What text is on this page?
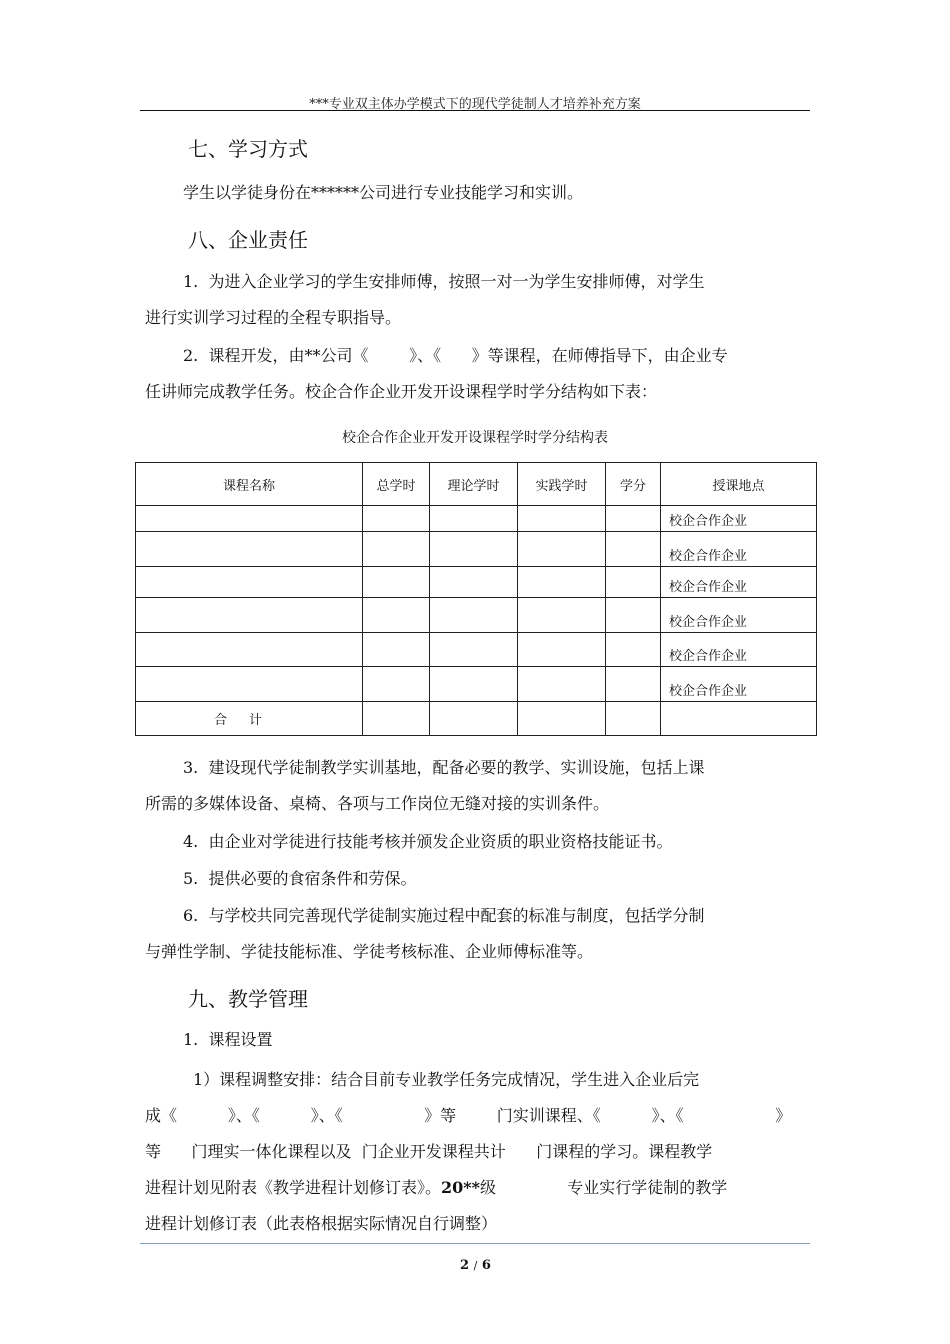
***专业双主体办学模式下的现代学徒制人才培养补充方案
七、学习方式
学生以学徒身份在******公司进行专业技能学习和实训。
八、企业责任
1.  为进入企业学习的学生安排师傅，按照一对一为学生安排师傅，对学生
进行实训学习过程的全程专职指导。
2.  课程开发，由**公司《        》、《      》等课程，在师傅指导下，由企业专
任讲师完成教学任务。校企合作企业开发开设课程学时学分结构如下表：
校企合作企业开发开设课程学时学分结构表
课程名称	总学时	理论学时	实践学时	学分	授课地点
					校企合作企业
					校企合作企业
					校企合作企业
					校企合作企业
					校企合作企业
					校企合作企业
合计					
3.  建设现代学徒制教学实训基地，配备必要的教学、实训设施，包括上课
所需的多媒体设备、桌椅、各项与工作岗位无缝对接的实训条件。
4.  由企业对学徒进行技能考核并颁发企业资质的职业资格技能证书。
5.  提供必要的食宿条件和劳保。
6.  与学校共同完善现代学徒制实施过程中配套的标准与制度，包括学分制
与弹性学制、学徒技能标准、学徒考核标准、企业师傅标准等。
九、教学管理
1.  课程设置
1）课程调整安排：结合目前专业教学任务完成情况，学生进入企业后完
成《          》、《          》、《                》等        门实训课程、《          》、《                  》
等      门理实一体化课程以及  门企业开发课程共计      门课程的学习。课程教学
进程计划见附表《教学进程计划修订表》。20**级              专业实行学徒制的教学
进程计划修订表（此表格根据实际情况自行调整）
2 / 6
